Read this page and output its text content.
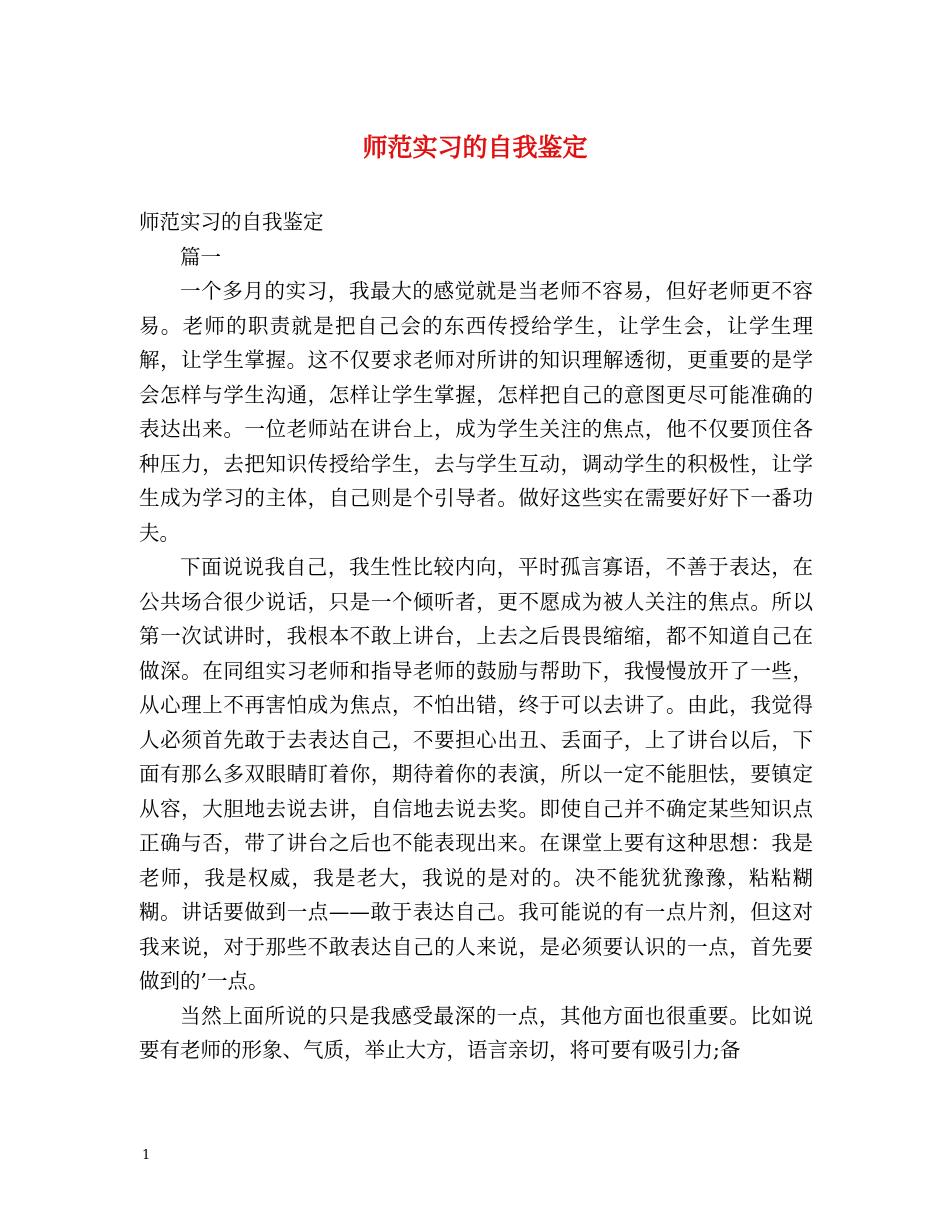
师范实习的自我鉴定

师范实习的自我鉴定

篇一

一个多月的实习，我最大的感觉就是当老师不容易，但好老师更不容易。老师的职责就是把自己会的东西传授给学生，让学生会，让学生理解，让学生掌握。这不仅要求老师对所讲的知识理解透彻，更重要的是学会怎样与学生沟通，怎样让学生掌握，怎样把自己的意图更尽可能准确的表达出来。一位老师站在讲台上，成为学生关注的焦点，他不仅要顶住各种压力，去把知识传授给学生，去与学生互动，调动学生的积极性，让学生成为学习的主体，自己则是个引导者。做好这些实在需要好好下一番功夫。

下面说说我自己，我生性比较内向，平时孤言寡语，不善于表达，在公共场合很少说话，只是一个倾听者，更不愿成为被人关注的焦点。所以第一次试讲时，我根本不敢上讲台，上去之后畏畏缩缩，都不知道自己在做深。在同组实习老师和指导老师的鼓励与帮助下，我慢慢放开了一些，从心理上不再害怕成为焦点，不怕出错，终于可以去讲了。由此，我觉得人必须首先敢于去表达自己，不要担心出丑、丢面子，上了讲台以后，下面有那么多双眼睛盯着你，期待着你的表演，所以一定不能胆怯，要镇定从容，大胆地去说去讲，自信地去说去奖。即使自己并不确定某些知识点正确与否，带了讲台之后也不能表现出来。在课堂上要有这种思想：我是老师，我是权威，我是老大，我说的是对的。决不能犹犹豫豫，粘粘糊糊。讲话要做到一点——敢于表达自己。我可能说的有一点片剂，但这对我来说，对于那些不敢表达自己的人来说，是必须要认识的一点，首先要做到的’一点。

当然上面所说的只是我感受最深的一点，其他方面也很重要。比如说要有老师的形象、气质，举止大方，语言亲切，将可要有吸引力;备

1
